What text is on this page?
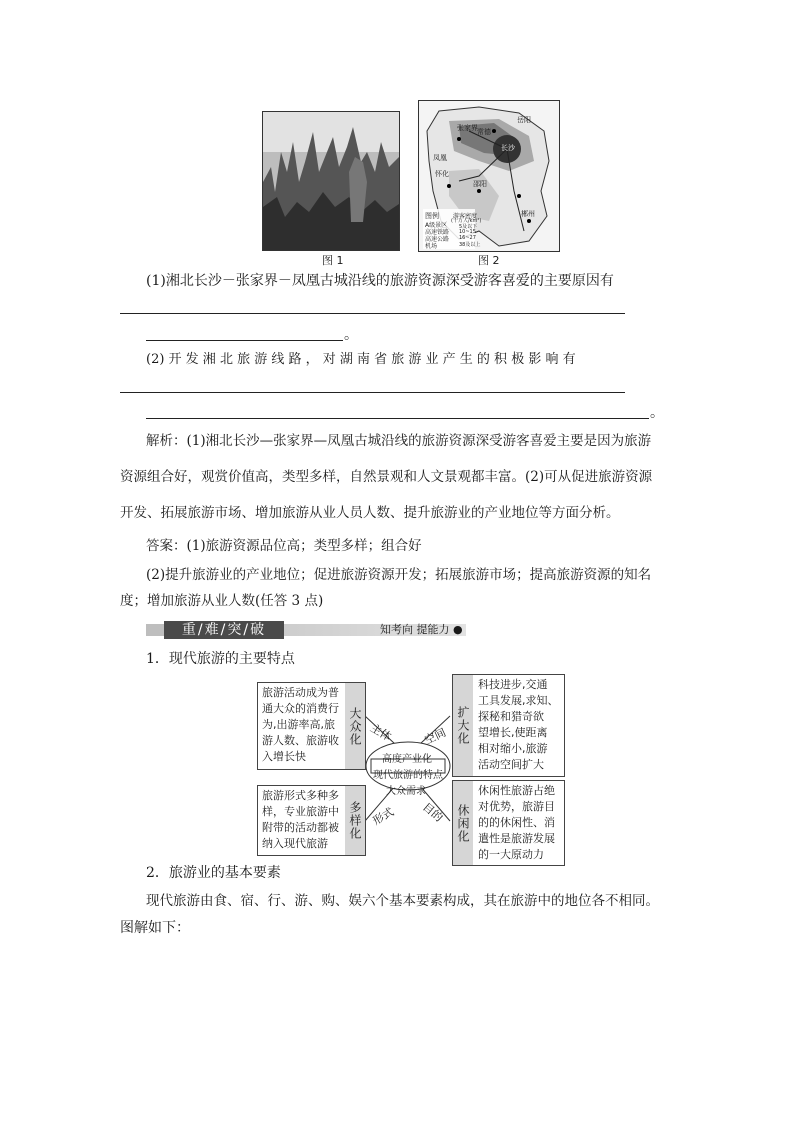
图 1
张家界 常德
岳阳
长沙
怀化
邵阳
凤凰
郴州
图例
A级景区
高速铁路
高速公路
机场
游客密度
(十万人/km²)
5及以下
10~15
16~27
38及以上
图 2
(1)湘北长沙－张家界－凤凰古城沿线的旅游资源深受游客喜爱的主要原因有
。
(2) 开 发 湘 北 旅 游 线 路 ， 对 湖 南 省 旅 游 业 产 生 的 积 极 影 响 有
。
解析：(1)湘北长沙—张家界—凤凰古城沿线的旅游资源深受游客喜爱主要是因为旅游
资源组合好，观赏价值高，类型多样，自然景观和人文景观都丰富。(2)可从促进旅游资源
开发、拓展旅游市场、增加旅游从业人员人数、提升旅游业的产业地位等方面分析。
答案：(1)旅游资源品位高；类型多样；组合好
(2)提升旅游业的产业地位；促进旅游资源开发；拓展旅游市场；提高旅游资源的知名
度；增加旅游从业人数(任答 3 点)
重/难/突/破	知考向 提能力 ●
1．现代旅游的主要特点
高度产业化
现代旅游的特点
大众需求
主体	空间
形式 目的
旅游活动成为普
通大众的消费行
为,出游率高,旅
游人数、旅游收
入增长快
大众化	扩大化
科技进步,交通
工具发展,求知、
探秘和猎奇欲
望增长,使距离
相对缩小,旅游
活动空间扩大
旅游形式多种多
样，专业旅游中
附带的活动都被
纳入现代旅游
多样化	休闲化
休闲性旅游占绝
对优势，旅游目
的的休闲性、消
遣性是旅游发展
的一大原动力
2．旅游业的基本要素
现代旅游由食、宿、行、游、购、娱六个基本要素构成，其在旅游中的地位各不相同。
图解如下：
